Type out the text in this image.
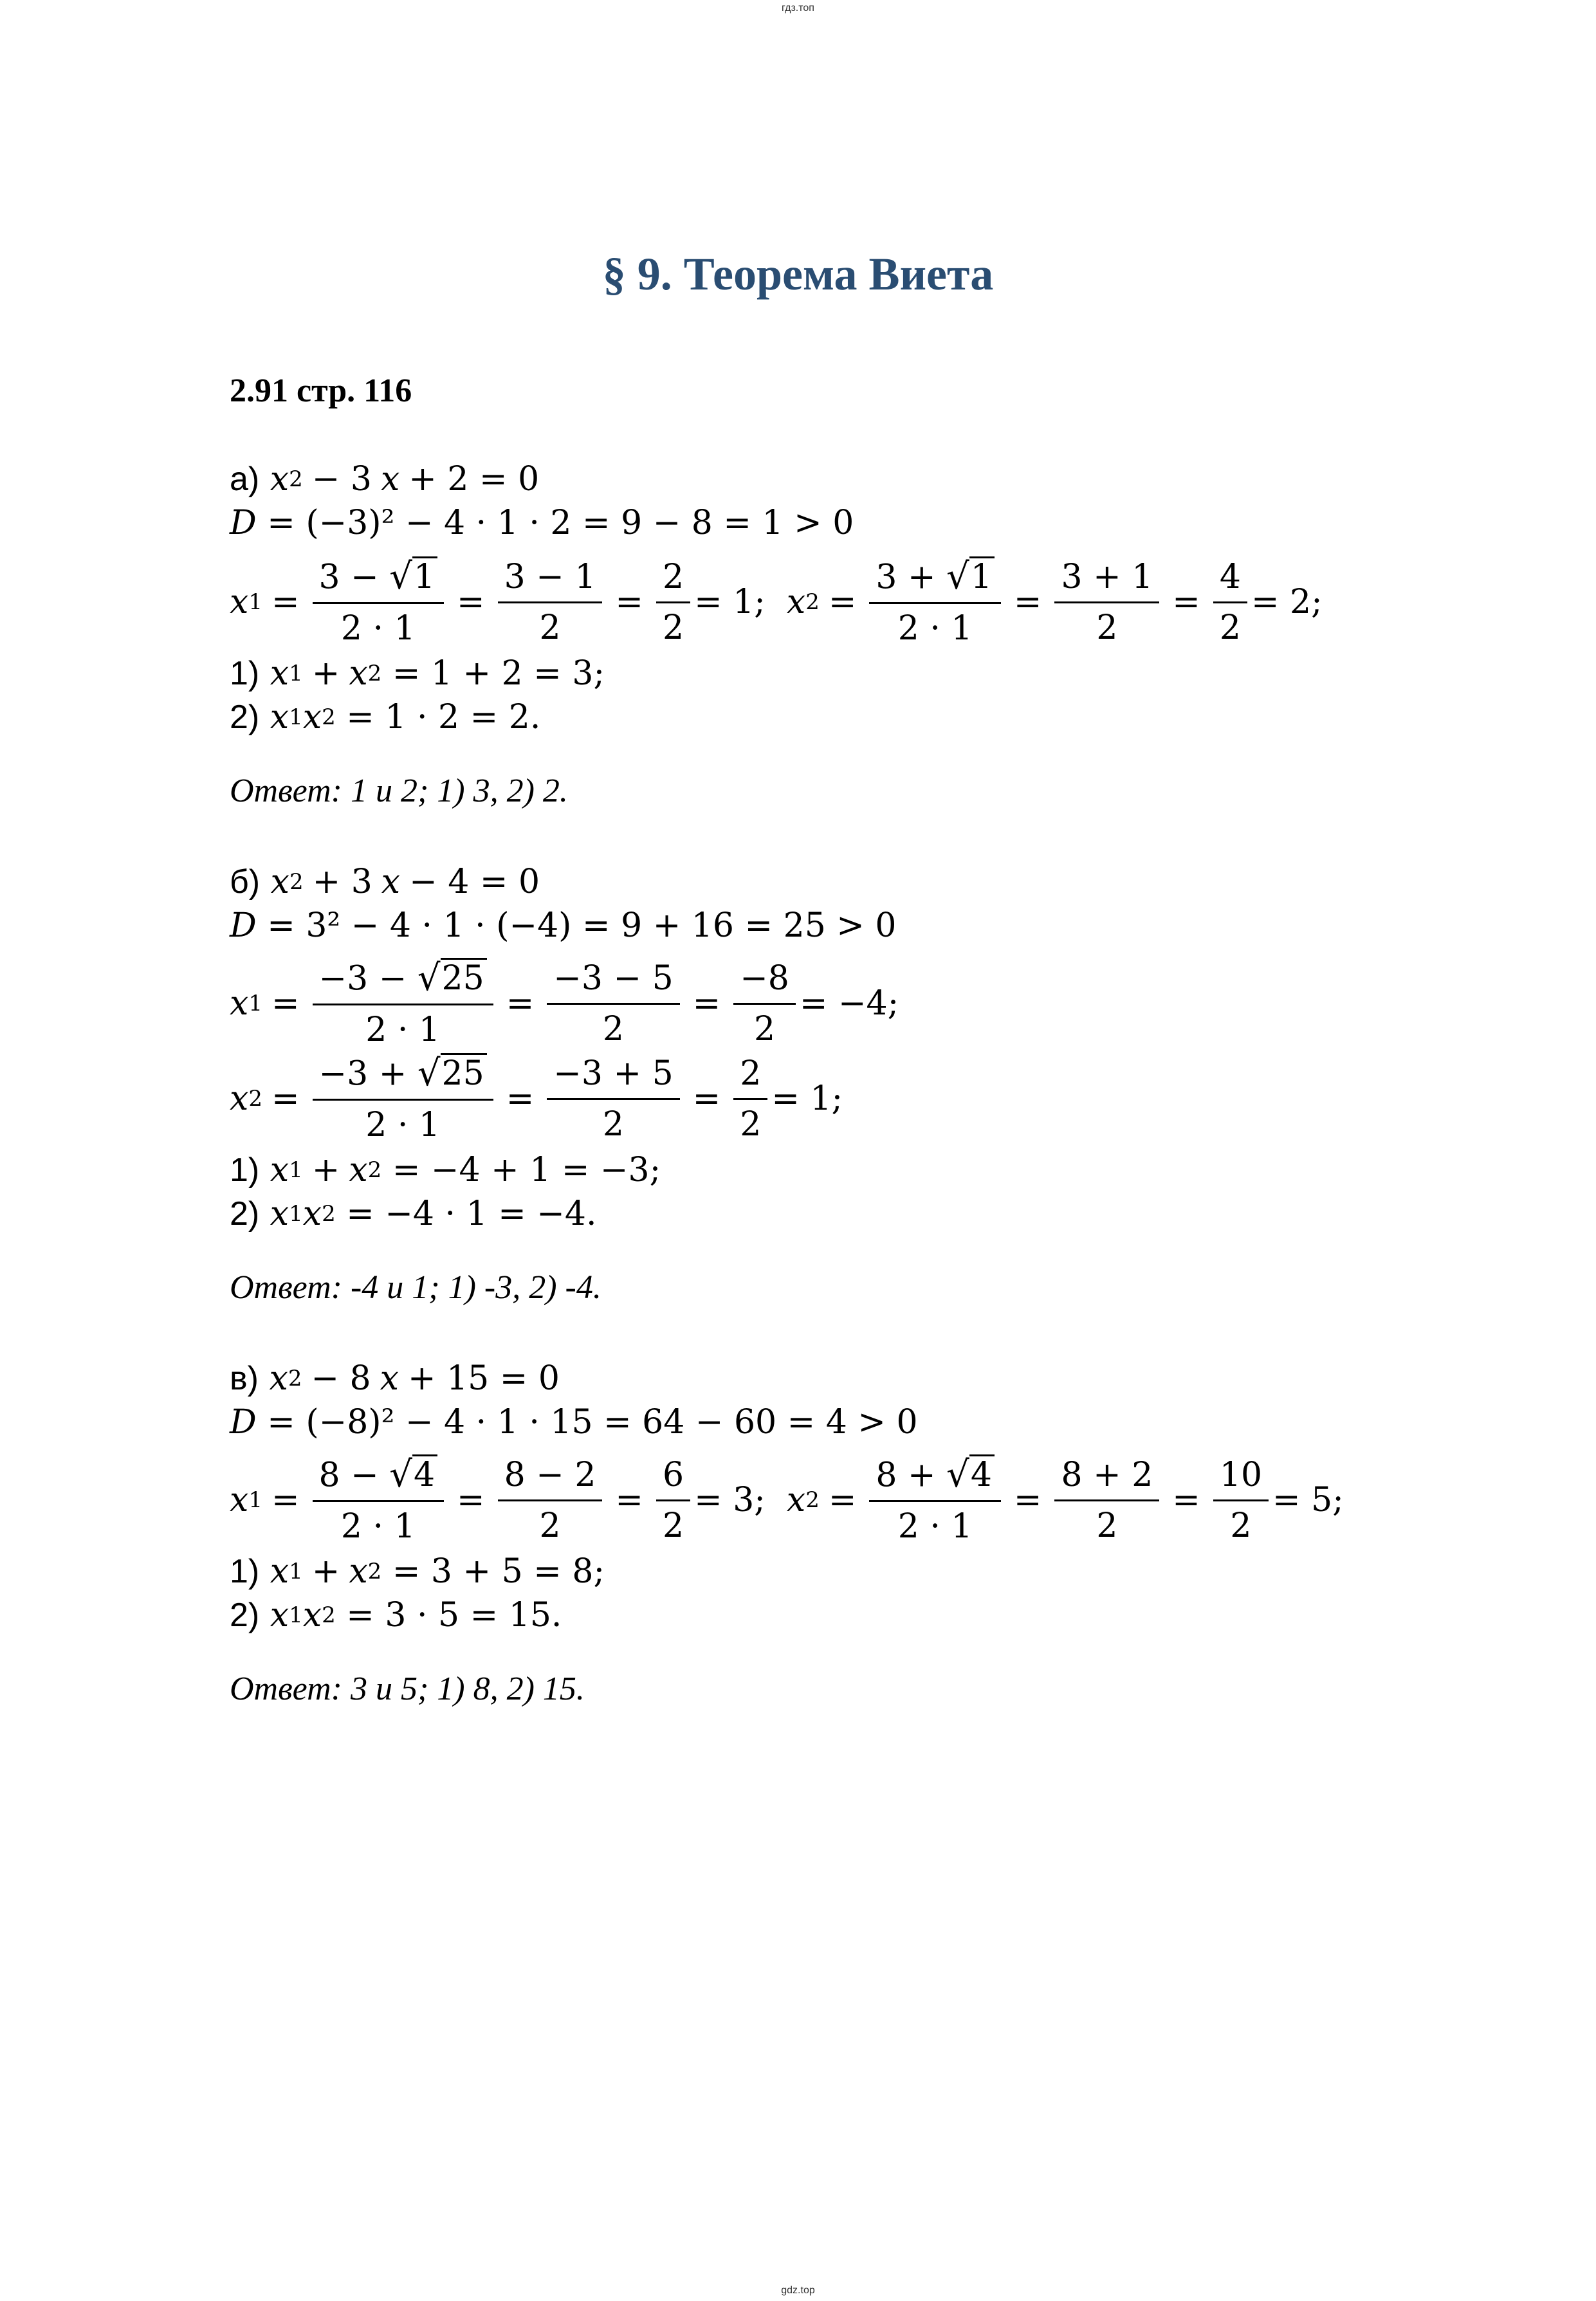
гдз.топ
§ 9. Теорема Виета
2.91 стр. 116
а)
x 2 − 3 x + 2 = 0
D
= (−3)² − 4 · 1 · 2 = 9 − 8 = 1 > 0
x $1 = \frac{3 - √ 1}{2 \cdot 1} = \frac{3 - 1}{2} = \frac{2}{2} = 1$;
x $2 = \frac{3 + √ 1}{2 \cdot 1} = \frac{3 + 1}{2} = \frac{4}{2} = 2$;
1)
x 1 + x 2
= 1 + 2 = 3;
2)
x 1 x 2
= 1 · 2 = 2.
Ответ: 1 и 2; 1) 3, 2) 2.
б)
x 2 + 3 x − 4 = 0
D
= 3² − 4 · 1 · (−4) = 9 + 16 = 25 > 0
x $1 = \frac{-3 - √ 25}{2 \cdot 1} = \frac{-3 - 5}{2} = \frac{-8}{2} = -4$;
x $2 = \frac{-3 + √ 25}{2 \cdot 1} = \frac{-3 + 5}{2} = \frac{2}{2} = 1$;
1)
x 1 + x 2
= −4 + 1 = −3;
2)
x 1 x 2
= −4 · 1 = −4.
Ответ: -4 и 1; 1) -3, 2) -4.
в)
x 2 − 8 x + 15 = 0
D
= (−8)² − 4 · 1 · 15 = 64 − 60 = 4 > 0
x $1 = \frac{8 - √ 4}{2 \cdot 1} = \frac{8 - 2}{2} = \frac{6}{2} = 3$;
x $2 = \frac{8 + √ 4}{2 \cdot 1} = \frac{8 + 2}{2} = \frac{10}{2} = 5$;
1)
x 1 + x 2
= 3 + 5 = 8;
2)
x 1 x 2
= 3 · 5 = 15.
Ответ: 3 и 5; 1) 8, 2) 15.
gdz.top
